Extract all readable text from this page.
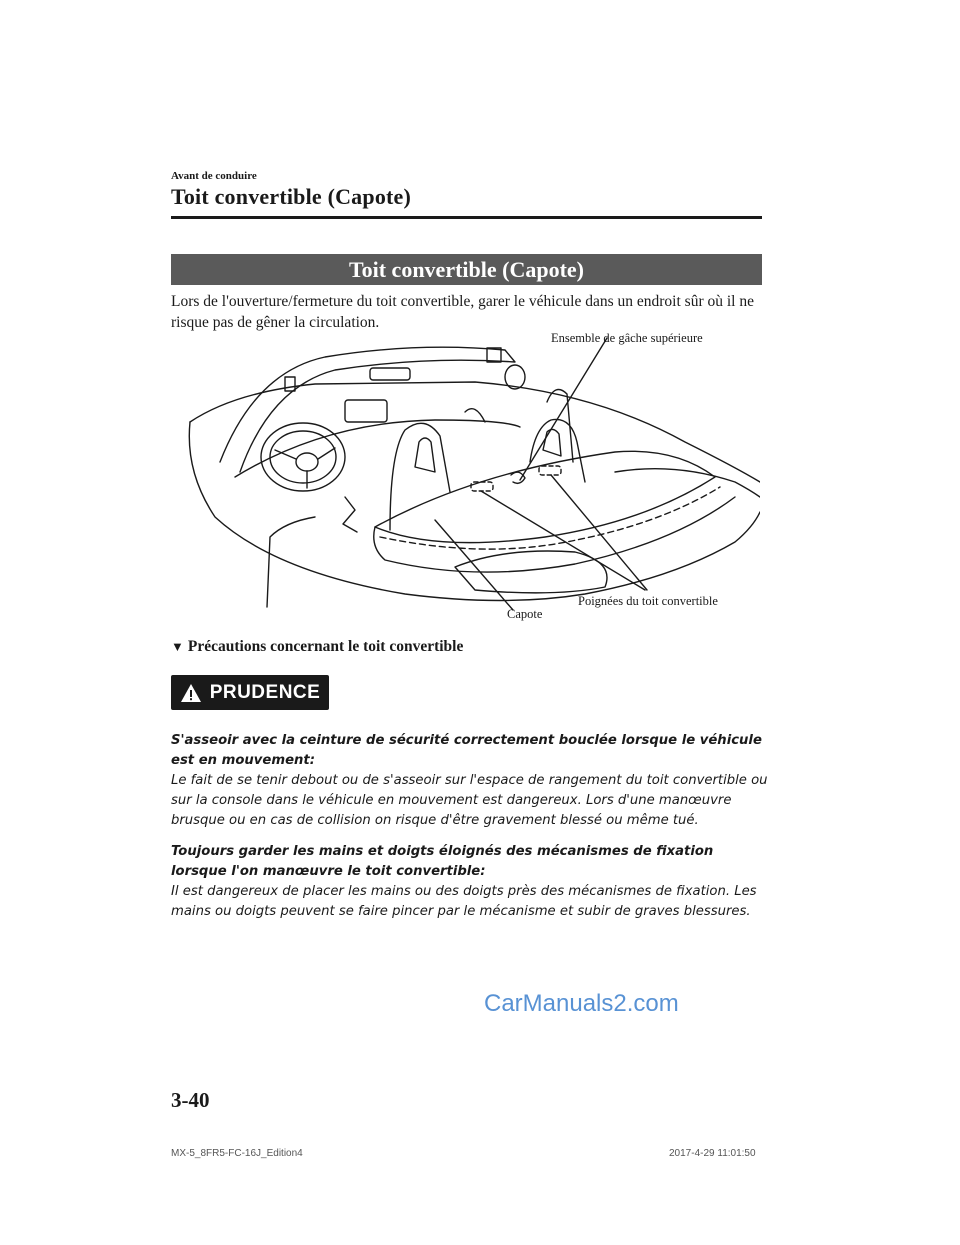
Avant de conduire
Toit convertible (Capote)
Toit convertible (Capote)
Lors de l'ouverture/fermeture du toit convertible, garer le véhicule dans un endroit sûr où il ne risque pas de gêner la circulation.
Ensemble de gâche supérieure
Poignées du toit convertible
Capote
▼ Précautions concernant le toit convertible
PRUDENCE

S'asseoir avec la ceinture de sécurité correctement bouclée lorsque le véhicule est en mouvement:

Le fait de se tenir debout ou de s'asseoir sur l'espace de rangement du toit convertible ou sur la console dans le véhicule en mouvement est dangereux. Lors d'une manœuvre brusque ou en cas de collision on risque d'être gravement blessé ou même tué.

Toujours garder les mains et doigts éloignés des mécanismes de fixation lorsque l'on manœuvre le toit convertible:

Il est dangereux de placer les mains ou des doigts près des mécanismes de fixation. Les mains ou doigts peuvent se faire pincer par le mécanisme et subir de graves blessures.

CarManuals2.com
3-40
MX-5_8FR5-FC-16J_Edition4	2017-4-29 11:01:50
